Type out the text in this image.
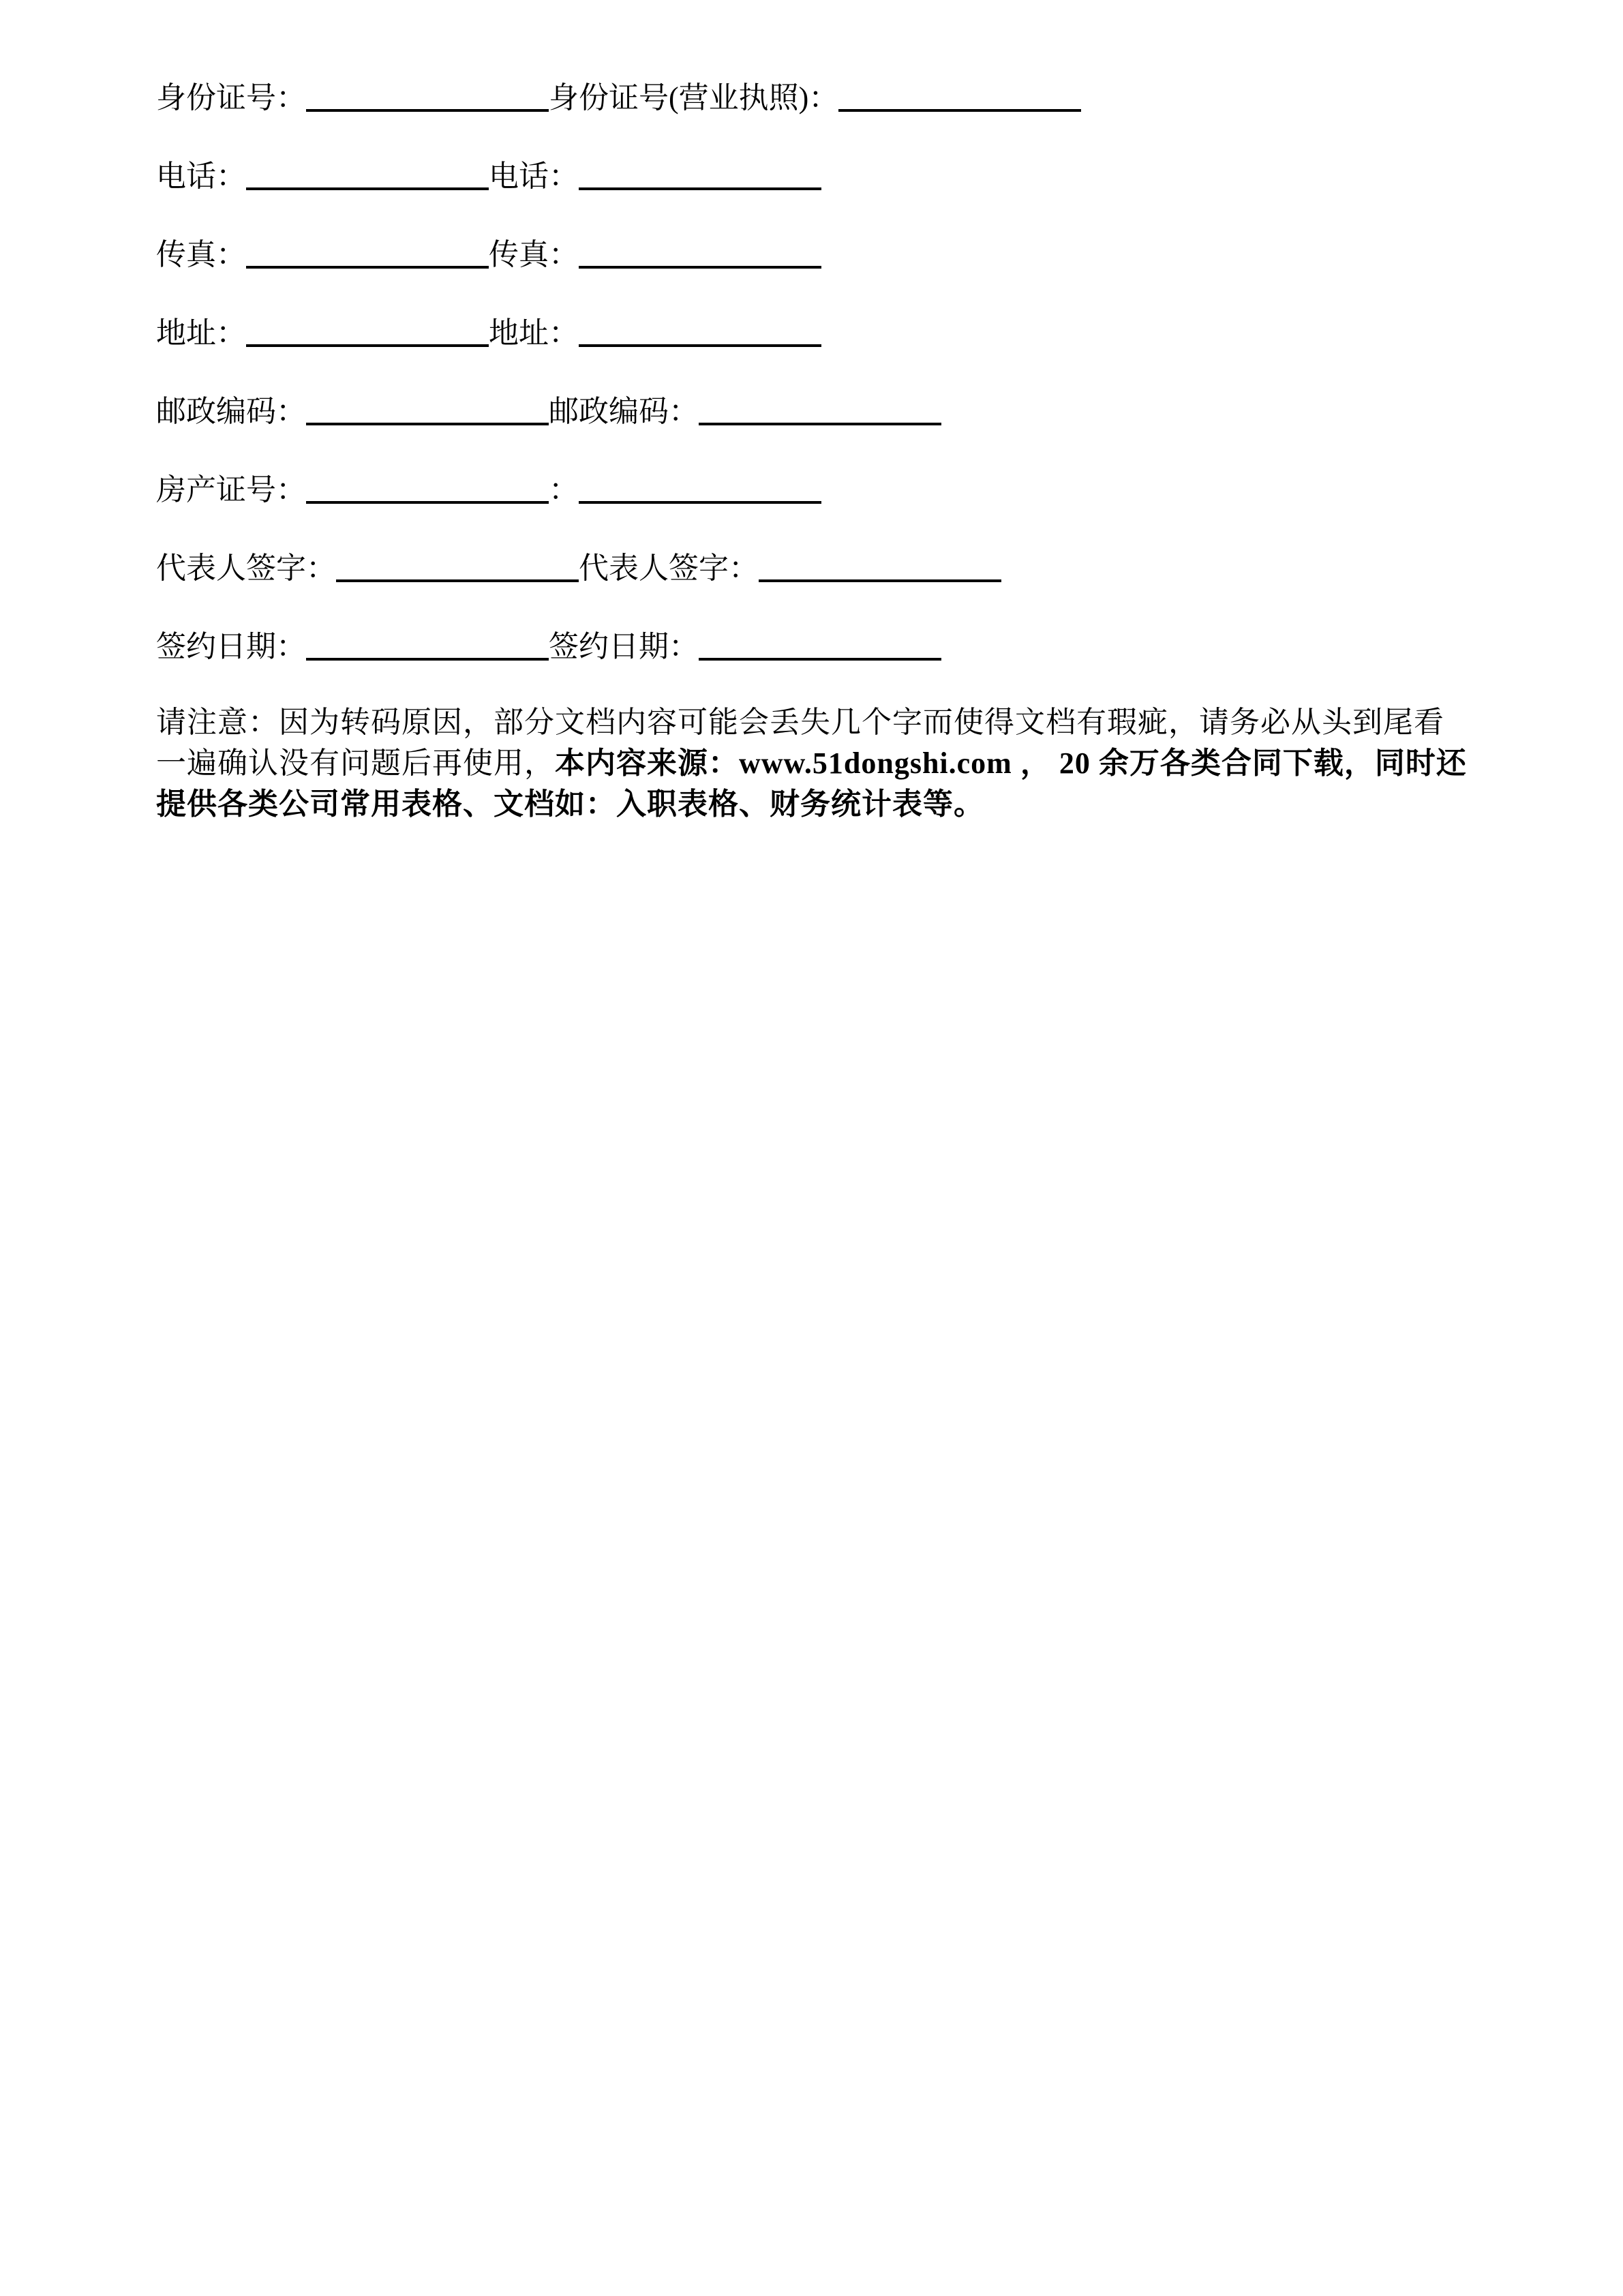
身份证号：	身份证号(营业执照)：
电话：	电话：
传真：	传真：
地址：	地址：
邮政编码：	邮政编码：
房产证号：	：
代表人签字：	代表人签字：
签约日期：	签约日期：
请注意：因为转码原因，部分文档内容可能会丢失几个字而使得文档有瑕疵，请务必从头到尾看
一遍确认没有问题后再使用，本内容来源：www.51dongshi.com ， 20 余万各类合同下载，同时还
提供各类公司常用表格、文档如：入职表格、财务统计表等。
